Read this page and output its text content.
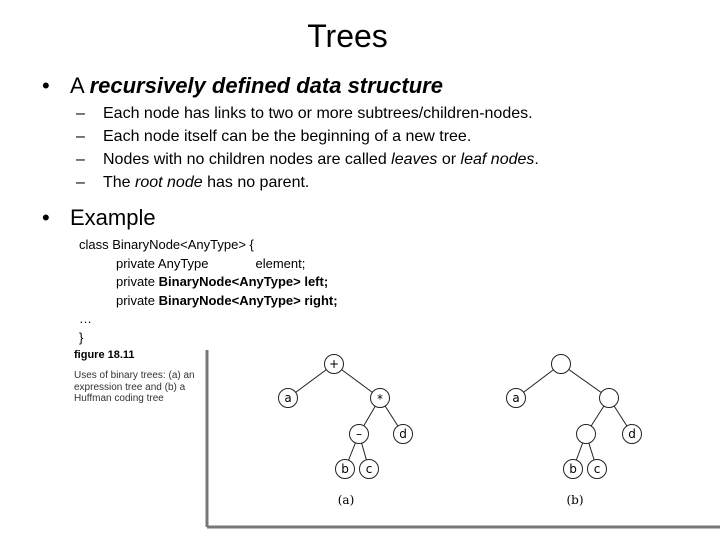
Trees
• A recursively defined data structure
– Each node has links to two or more subtrees/children-nodes.
– Each node itself can be the beginning of a new tree.
– Nodes with no children nodes are called leaves or leaf nodes.
– The root node has no parent.
• Example
class BinaryNode<AnyType> {
private AnyType	element;
private BinaryNode<AnyType> left;
private BinaryNode<AnyType> right;
…
}
figure 18.11
Uses of binary trees: (a) an expression tree and (b) a Huffman coding tree
+
a	*
–	d
b c
(a)
a
d
b c
(b)
